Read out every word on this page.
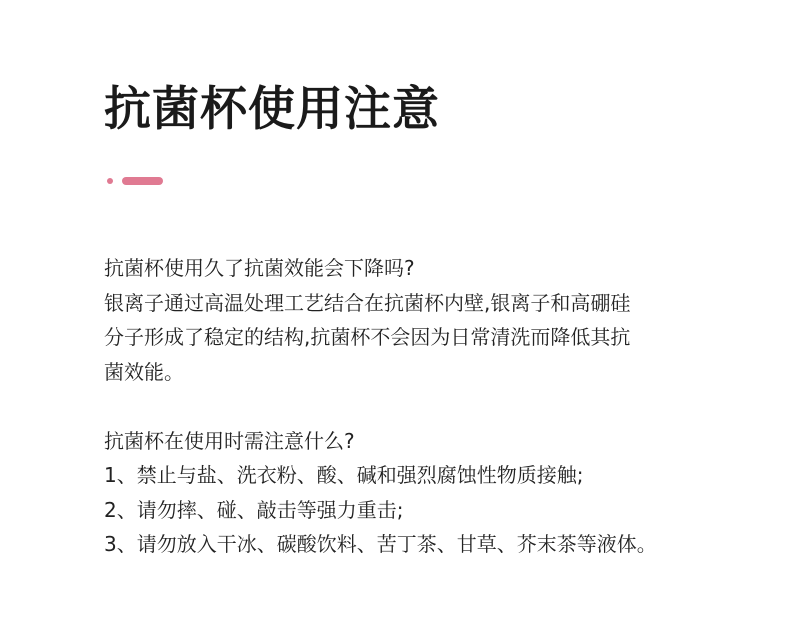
抗菌杯使用注意
抗菌杯使用久了抗菌效能会下降吗?
银离子通过高温处理工艺结合在抗菌杯内壁,银离子和高硼硅
分子形成了稳定的结构,抗菌杯不会因为日常清洗而降低其抗
菌效能。
抗菌杯在使用时需注意什么?
1、禁止与盐、洗衣粉、酸、碱和强烈腐蚀性物质接触;
2、请勿摔、碰、敲击等强力重击;
3、请勿放入干冰、碳酸饮料、苦丁茶、甘草、芥末茶等液体。
